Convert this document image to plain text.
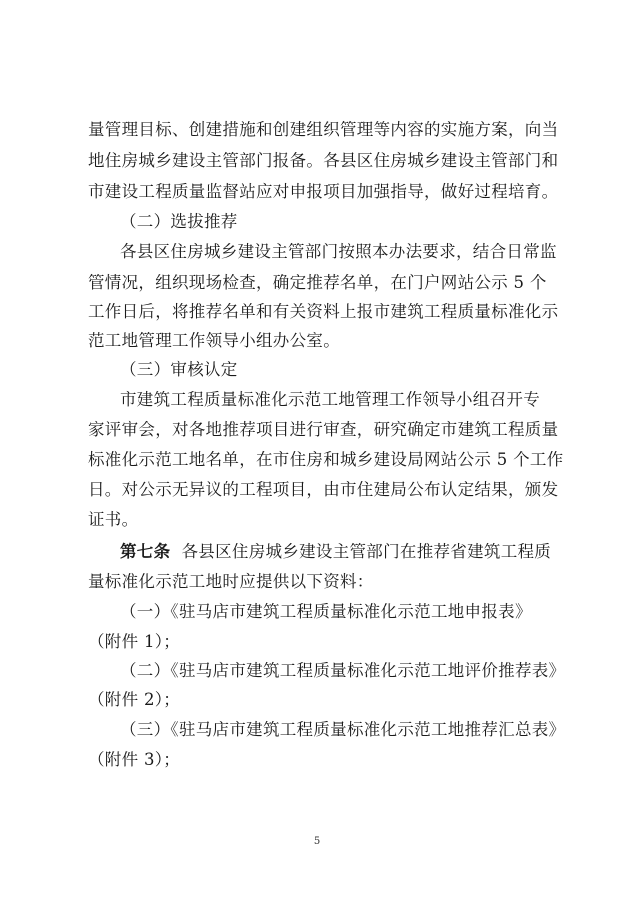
量管理目标、创建措施和创建组织管理等内容的实施方案，向当

地住房城乡建设主管部门报备。各县区住房城乡建设主管部门和

市建设工程质量监督站应对申报项目加强指导，做好过程培育。

（二）选拔推荐

各县区住房城乡建设主管部门按照本办法要求，结合日常监

管情况，组织现场检查，确定推荐名单，在门户网站公示 5 个

工作日后，将推荐名单和有关资料上报市建筑工程质量标准化示

范工地管理工作领导小组办公室。

（三）审核认定

市建筑工程质量标准化示范工地管理工作领导小组召开专

家评审会，对各地推荐项目进行审查，研究确定市建筑工程质量

标准化示范工地名单，在市住房和城乡建设局网站公示 5 个工作

日。对公示无异议的工程项目，由市住建局公布认定结果，颁发

证书。

第七条 各县区住房城乡建设主管部门在推荐省建筑工程质

量标准化示范工地时应提供以下资料：

（一）《驻马店市建筑工程质量标准化示范工地申报表》

（附件 1）；

（二）《驻马店市建筑工程质量标准化示范工地评价推荐表》

（附件 2）；

（三）《驻马店市建筑工程质量标准化示范工地推荐汇总表》

（附件 3）；

5
